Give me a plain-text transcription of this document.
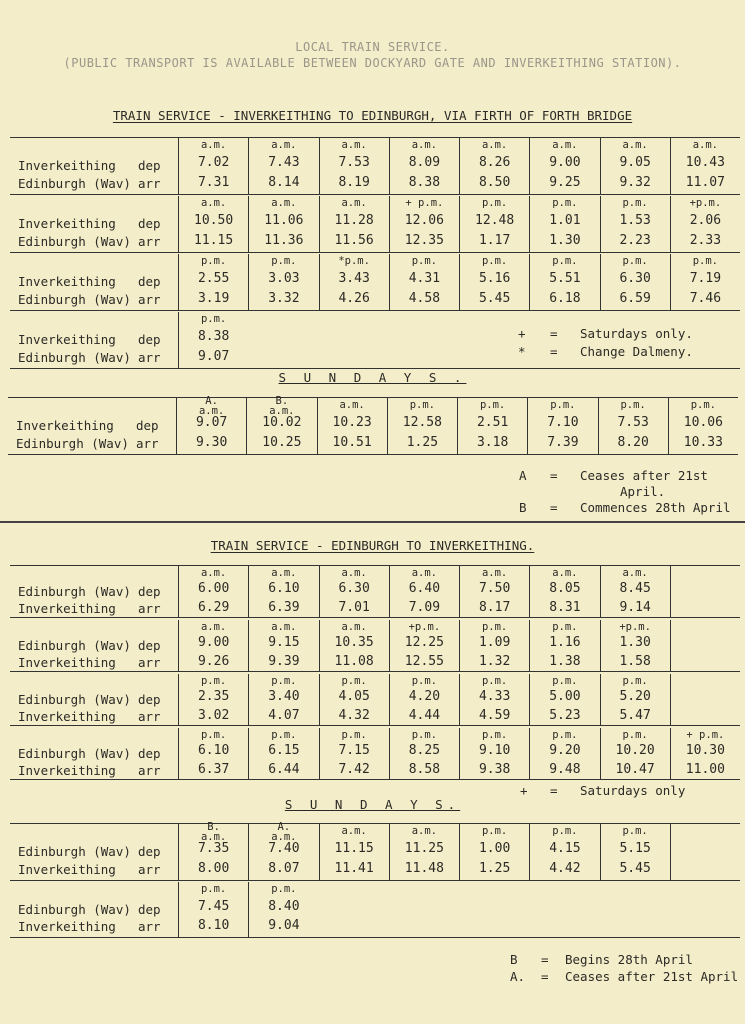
LOCAL TRAIN SERVICE.
(PUBLIC TRANSPORT IS AVAILABLE BETWEEN DOCKYARD GATE AND INVERKEITHING STATION).
TRAIN SERVICE - INVERKEITHING TO EDINBURGH, VIA FIRTH OF FORTH BRIDGE
Inverkeithing dep
Edinburgh (Wav) arr
a.m.
7.02
7.31
a.m.
7.43
8.14
a.m.
7.53
8.19
a.m.
8.09
8.38
a.m.
8.26
8.50
a.m.
9.00
9.25
a.m.
9.05
9.32
a.m.
10.43
11.07
Inverkeithing dep
Edinburgh (Wav) arr
a.m.
10.50
11.15
a.m.
11.06
11.36
a.m.
11.28
11.56
+ p.m.
12.06
12.35
p.m.
12.48
1.17
p.m.
1.01
1.30
p.m.
1.53
2.23
+p.m.
2.06
2.33
Inverkeithing dep
Edinburgh (Wav) arr
p.m.
2.55
3.19
p.m.
3.03
3.32
*p.m.
3.43
4.26
p.m.
4.31
4.58
p.m.
5.16
5.45
p.m.
5.51
6.18
p.m.
6.30
6.59
p.m.
7.19
7.46
Inverkeithing dep
Edinburgh (Wav) arr
p.m.
8.38
9.07
+ = Saturdays only.
* = Change Dalmeny.
S U N D A Y S .
Inverkeithing dep
Edinburgh (Wav) arr
A.
a.m.
9.07
9.30
B.
a.m.
10.02
10.25
a.m.
10.23
10.51
p.m.
12.58
1.25
p.m.
2.51
3.18
p.m.
7.10
7.39
p.m.
7.53
8.20
p.m.
10.06
10.33
A = Ceases after 21st
April.
B = Commences 28th April
TRAIN SERVICE - EDINBURGH TO INVERKEITHING.
Edinburgh (Wav) dep
Inverkeithing arr
a.m.
6.00
6.29
a.m.
6.10
6.39
a.m.
6.30
7.01
a.m.
6.40
7.09
a.m.
7.50
8.17
a.m.
8.05
8.31
a.m.
8.45
9.14
Edinburgh (Wav) dep
Inverkeithing arr
a.m.
9.00
9.26
a.m.
9.15
9.39
a.m.
10.35
11.08
+p.m.
12.25
12.55
p.m.
1.09
1.32
p.m.
1.16
1.38
+p.m.
1.30
1.58
Edinburgh (Wav) dep
Inverkeithing arr
p.m.
2.35
3.02
p.m.
3.40
4.07
p.m.
4.05
4.32
p.m.
4.20
4.44
p.m.
4.33
4.59
p.m.
5.00
5.23
p.m.
5.20
5.47
Edinburgh (Wav) dep
Inverkeithing arr
p.m.
6.10
6.37
p.m.
6.15
6.44
p.m.
7.15
7.42
p.m.
8.25
8.58
p.m.
9.10
9.38
p.m.
9.20
9.48
p.m.
10.20
10.47
+ p.m.
10.30
11.00
+ = Saturdays only
S U N D A Y S.
Edinburgh (Wav) dep
Inverkeithing arr
B.
a.m.
7.35
8.00
A.
a.m.
7.40
8.07
a.m.
11.15
11.41
a.m.
11.25
11.48
p.m.
1.00
1.25
p.m.
4.15
4.42
p.m.
5.15
5.45
Edinburgh (Wav) dep
Inverkeithing arr
p.m.
7.45
8.10
p.m.
8.40
9.04
B = Begins 28th April
A. = Ceases after 21st April
